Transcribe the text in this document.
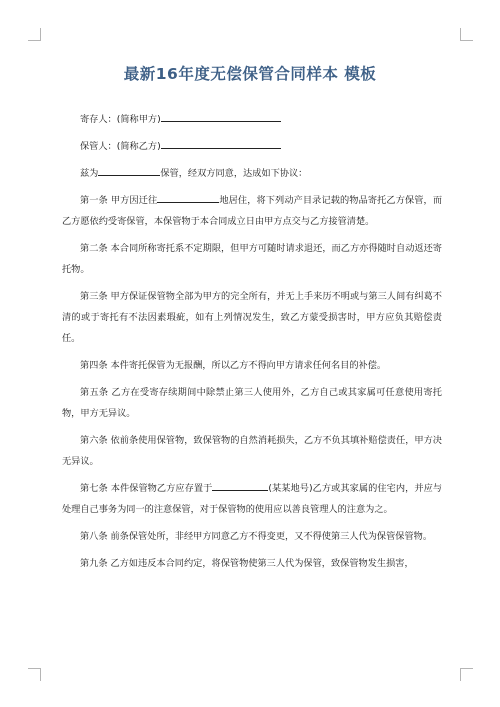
最新16年度无偿保管合同样本 模板

寄存人：(简称甲方)

保管人：(简称乙方)

兹为	保管，经双方同意，达成如下协议：

第一条 甲方因迁往	地居住，将下列动产目录记载的物品寄托乙方保管，而乙方愿依约受寄保管，本保管物于本合同成立日由甲方点交与乙方接管清楚。

第二条 本合同所称寄托系不定期限，但甲方可随时请求退还，而乙方亦得随时自动返还寄托物。

第三条 甲方保证保管物全部为甲方的完全所有，并无上手来历不明或与第三人间有纠葛不清的或于寄托有不法因素瑕疵，如有上列情况发生，致乙方蒙受损害时，甲方应负其赔偿责任。

第四条 本件寄托保管为无报酬，所以乙方不得向甲方请求任何名目的补偿。

第五条 乙方在受寄存续期间中除禁止第三人使用外，乙方自己或其家属可任意使用寄托物，甲方无异议。

第六条 依前条使用保管物，致保管物的自然消耗损失，乙方不负其填补赔偿责任，甲方决无异议。

第七条 本件保管物乙方应存置于	(某某地号)乙方或其家属的住宅内，并应与处理自己事务为同一的注意保管，对于保管物的使用应以善良管理人的注意为之。

第八条 前条保管处所，非经甲方同意乙方不得变更，又不得使第三人代为保管保管物。

第九条 乙方如违反本合同约定，将保管物使第三人代为保管，致保管物发生损害，
